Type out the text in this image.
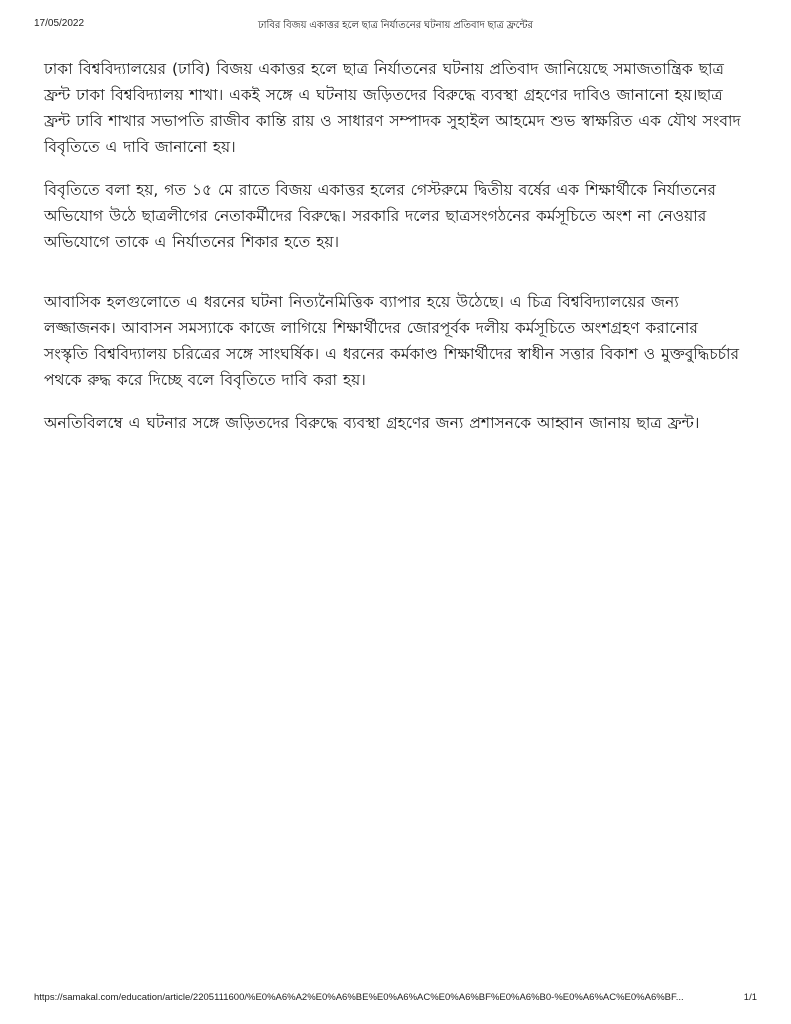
17/05/2022	ঢাবির বিজয় একাত্তর হলে ছাত্র নির্যাতনের ঘটনায় প্রতিবাদ ছাত্র ফ্রন্টের

ঢাকা বিশ্ববিদ্যালয়ের (ঢাবি) বিজয় একাত্তর হলে ছাত্র নির্যাতনের ঘটনায় প্রতিবাদ জানিয়েছে সমাজতান্ত্রিক ছাত্র ফ্রন্ট ঢাকা বিশ্ববিদ্যালয় শাখা। একই সঙ্গে এ ঘটনায় জড়িতদের বিরুদ্ধে ব্যবস্থা গ্রহণের দাবিও জানানো হয়।ছাত্র ফ্রন্ট ঢাবি শাখার সভাপতি রাজীব কান্তি রায় ও সাধারণ সম্পাদক সুহাইল আহমেদ শুভ স্বাক্ষরিত এক যৌথ সংবাদ বিবৃতিতে এ দাবি জানানো হয়।

বিবৃতিতে বলা হয়, গত ১৫ মে রাতে বিজয় একাত্তর হলের গেস্টরুমে দ্বিতীয় বর্ষের এক শিক্ষার্থীকে নির্যাতনের অভিযোগ উঠে ছাত্রলীগের নেতাকর্মীদের বিরুদ্ধে। সরকারি দলের ছাত্রসংগঠনের কর্মসূচিতে অংশ না নেওয়ার অভিযোগে তাকে এ নির্যাতনের শিকার হতে হয়।

আবাসিক হলগুলোতে এ ধরনের ঘটনা নিত্যনৈমিত্তিক ব্যাপার হয়ে উঠেছে। এ চিত্র বিশ্ববিদ্যালয়ের জন্য লজ্জাজনক। আবাসন সমস্যাকে কাজে লাগিয়ে শিক্ষার্থীদের জোরপূর্বক দলীয় কর্মসূচিতে অংশগ্রহণ করানোর সংস্কৃতি বিশ্ববিদ্যালয় চরিত্রের সঙ্গে সাংঘর্ষিক। এ ধরনের কর্মকাণ্ড শিক্ষার্থীদের স্বাধীন সত্তার বিকাশ ও মুক্তবুদ্ধিচর্চার পথকে রুদ্ধ করে দিচ্ছে বলে বিবৃতিতে দাবি করা হয়।

অনতিবিলম্বে এ ঘটনার সঙ্গে জড়িতদের বিরুদ্ধে ব্যবস্থা গ্রহণের জন্য প্রশাসনকে আহ্বান জানায় ছাত্র ফ্রন্ট।

https://samakal.com/education/article/2205111600/%E0%A6%A2%E0%A6%BE%E0%A6%AC%E0%A6%BF%E0%A6%B0-%E0%A6%AC%E0%A6%BF...	1/1
